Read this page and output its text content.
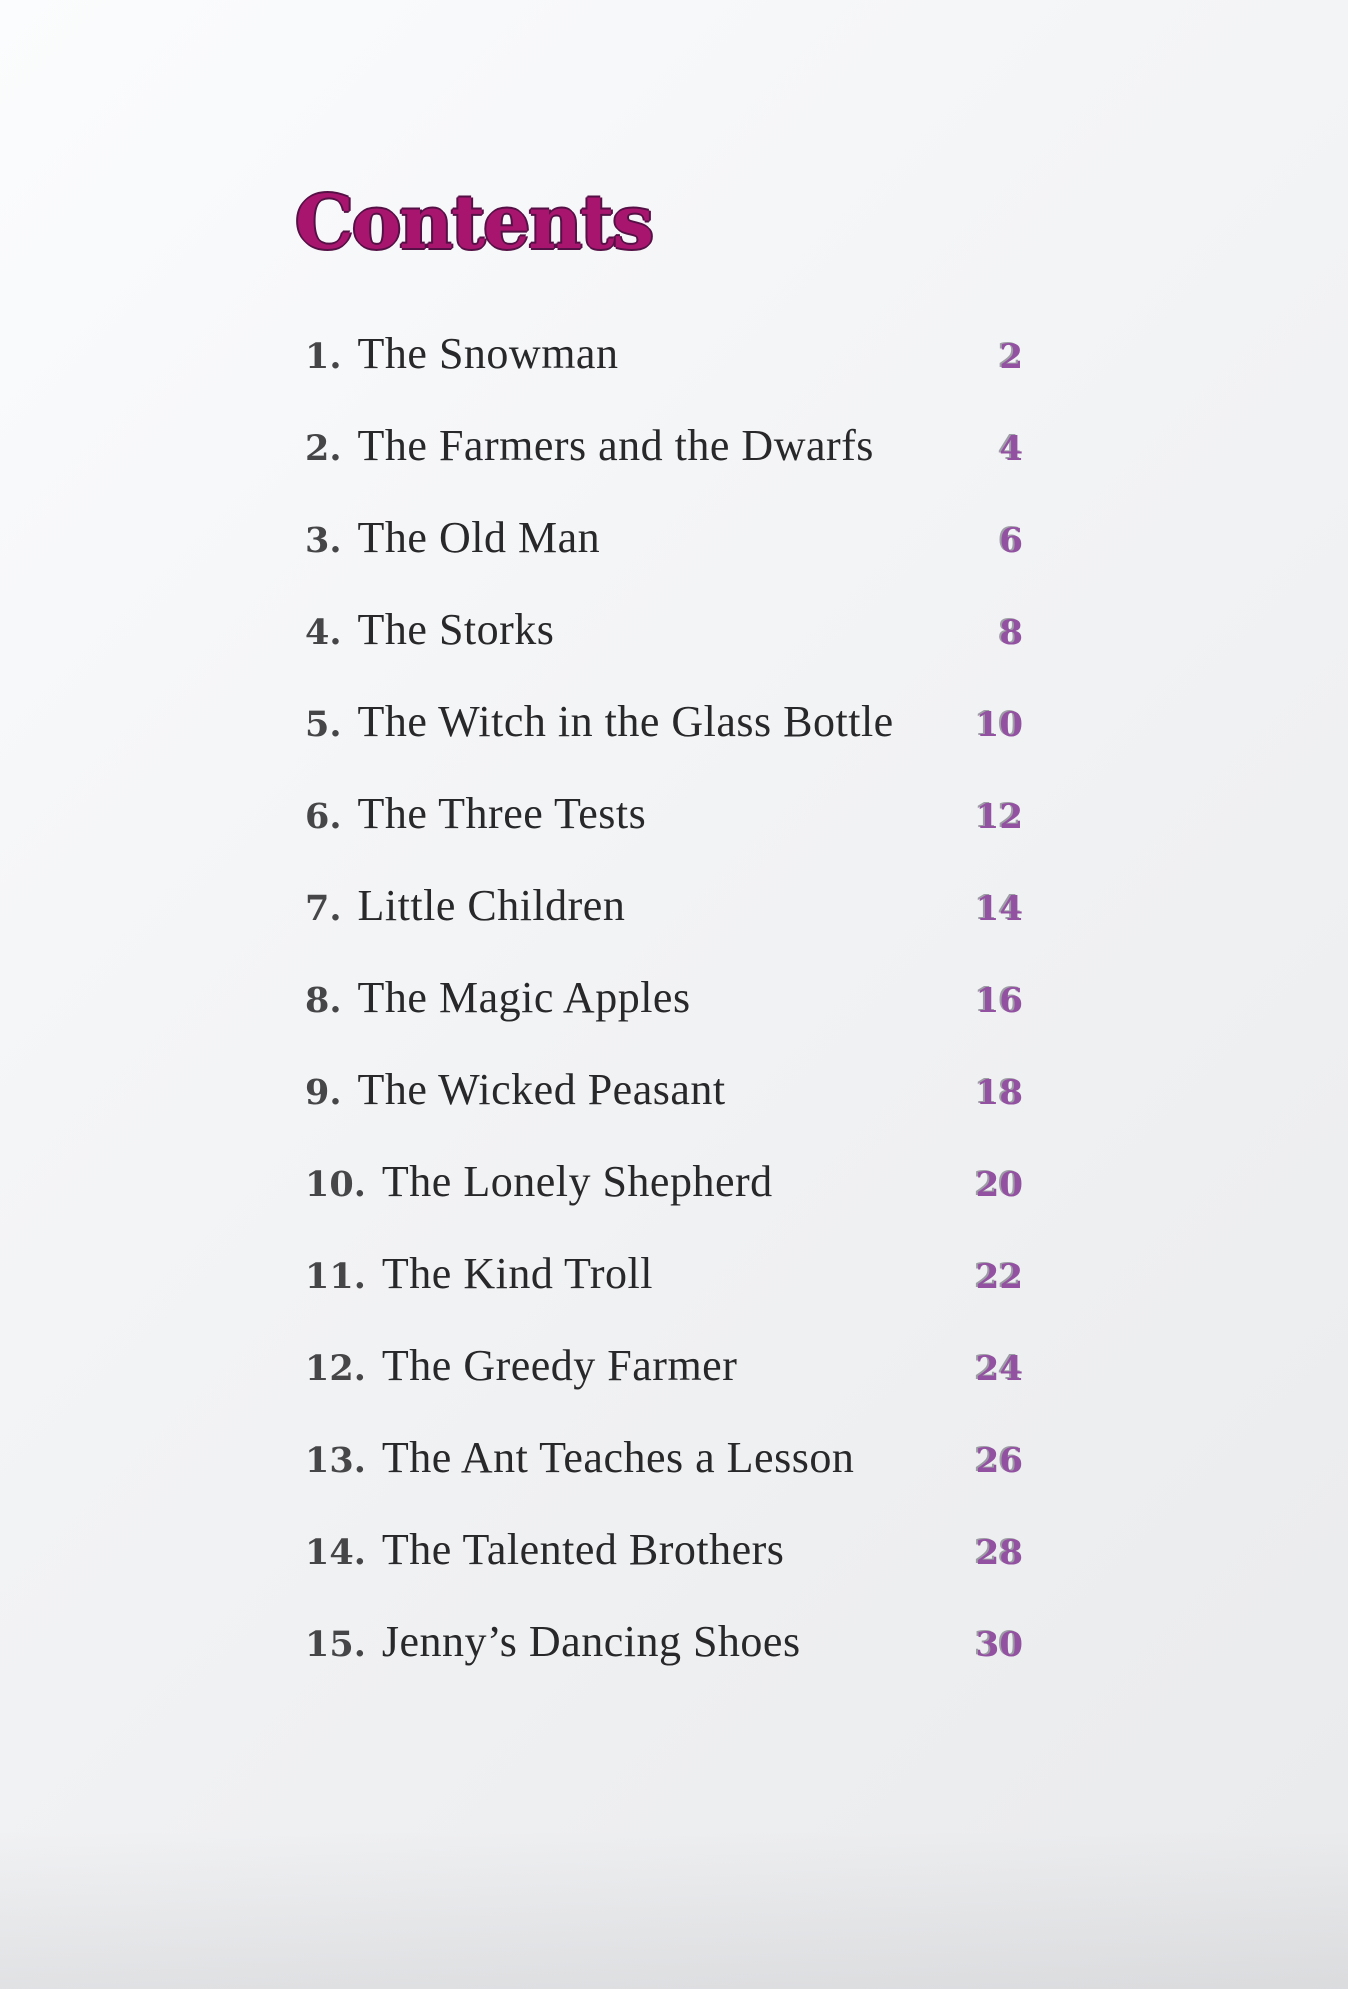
Contents
1. The Snowman	2
2. The Farmers and the Dwarfs	4
3. The Old Man	6
4. The Storks	8
5. The Witch in the Glass Bottle 10
6. The Three Tests	12
7. Little Children	14
8. The Magic Apples	16
9. The Wicked Peasant	18
10. The Lonely Shepherd	20
11. The Kind Troll	22
12. The Greedy Farmer	24
13. The Ant Teaches a Lesson	26
14. The Talented Brothers	28
15. Jenny’s Dancing Shoes	30
